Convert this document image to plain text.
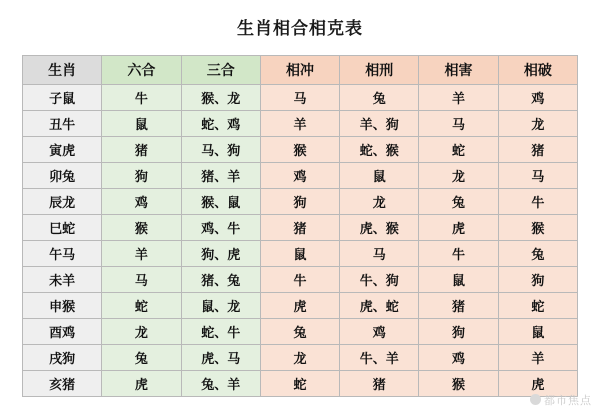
生肖相合相克表
生肖	六合	三合	相冲	相刑	相害	相破
子鼠	牛	猴、龙	马	兔	羊	鸡
丑牛	鼠	蛇、鸡	羊	羊、狗	马	龙
寅虎	猪	马、狗	猴	蛇、猴	蛇	猪
卯兔	狗	猪、羊	鸡	鼠	龙	马
辰龙	鸡	猴、鼠	狗	龙	兔	牛
巳蛇	猴	鸡、牛	猪	虎、猴	虎	猴
午马	羊	狗、虎	鼠	马	牛	兔
未羊	马	猪、兔	牛	牛、狗	鼠	狗
申猴	蛇	鼠、龙	虎	虎、蛇	猪	蛇
酉鸡	龙	蛇、牛	兔	鸡	狗	鼠
戌狗	兔	虎、马	龙	牛、羊	鸡	羊
亥猪	虎	兔、羊	蛇	猪	猴	虎
都市焦点
